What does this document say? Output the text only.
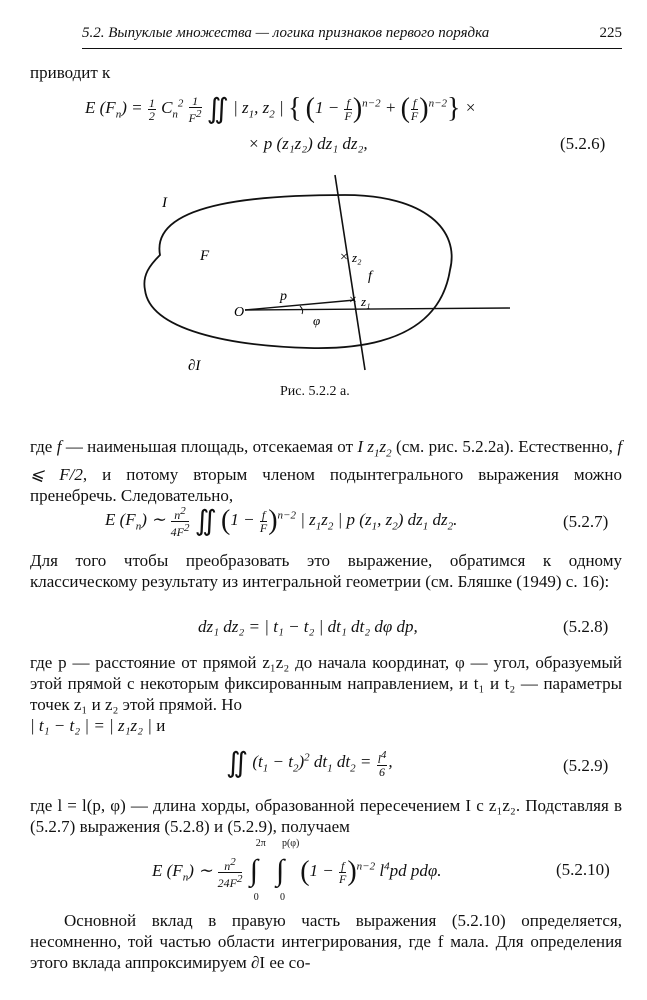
5.2. Выпуклые множества — логика признаков первого порядка	225
приводит к
E $(F_n) = \frac{1}{2} C_n^2 \frac{1}{F^2}$ ∬ | $z_1$, $z_2$ | { $(1 - \frac{f}{F} )^{n-2}$ + ( $\frac{f}{F} )^{n-2}$} ×
× p (z₁z₂) dz₁ dz₂,	(5.2.6)
×
×
I
F
∂I
O
p
φ
f
z₂
z₁
Рис. 5.2.2 а.

где f — наименьшая площадь, отсекаемая от I $z_1z_2$ (см. рис. 5.2.2а). Естественно, f ⩽ F/2, и потому вторым членом подынтегрального выражения можно пренебречь. Следовательно,

E $(F_n)$ ∼ $\frac{n^2}{4F^2}$ ∬ $(1 - \frac{f}{F} )^{n-2}$ | $z_1z_2$ | p ($z_1$, $z_2$) $dz_1$ $dz_2$.	(5.2.7)
Для того чтобы преобразовать это выражение, обратимся к одному классическому результату из интегральной геометрии (см. Бляшке (1949) с. 16):
dz₁ dz₂ = | t₁ − t₂ | dt₁ dt₂ dφ dp,	(5.2.8)

где p — расстояние от прямой z₁z₂ до начала координат, φ — угол, образуемый этой прямой с некоторым фиксированным направлением, и t₁ и t₂ — параметры точек z₁ и z₂ этой прямой. Но

| t₁ − t₂ | = | z₁z₂ | и

∬ $(t_1 - t_2)^2$ $dt_1$ $dt_2 = \frac{l^4}{6}$ ,	(5.2.9)
где l = l(p, φ) — длина хорды, образованной пересечением I с z₁z₂. Подставляя в (5.2.7) выражения (5.2.8) и (5.2.9), получаем
E $(F_n)$ ∼ $\frac{n^2}{24F^2}$

2π
∫
0

p(φ)
∫
0
$(1 - \frac{f}{F} )^{n-2}$ $l^4pd$ pdφ.	(5.2.10)
Основной вклад в правую часть выражения (5.2.10) определяется, несомненно, той частью области интегрирования, где f мала. Для определения этого вклада аппроксимируем ∂I ее со-
